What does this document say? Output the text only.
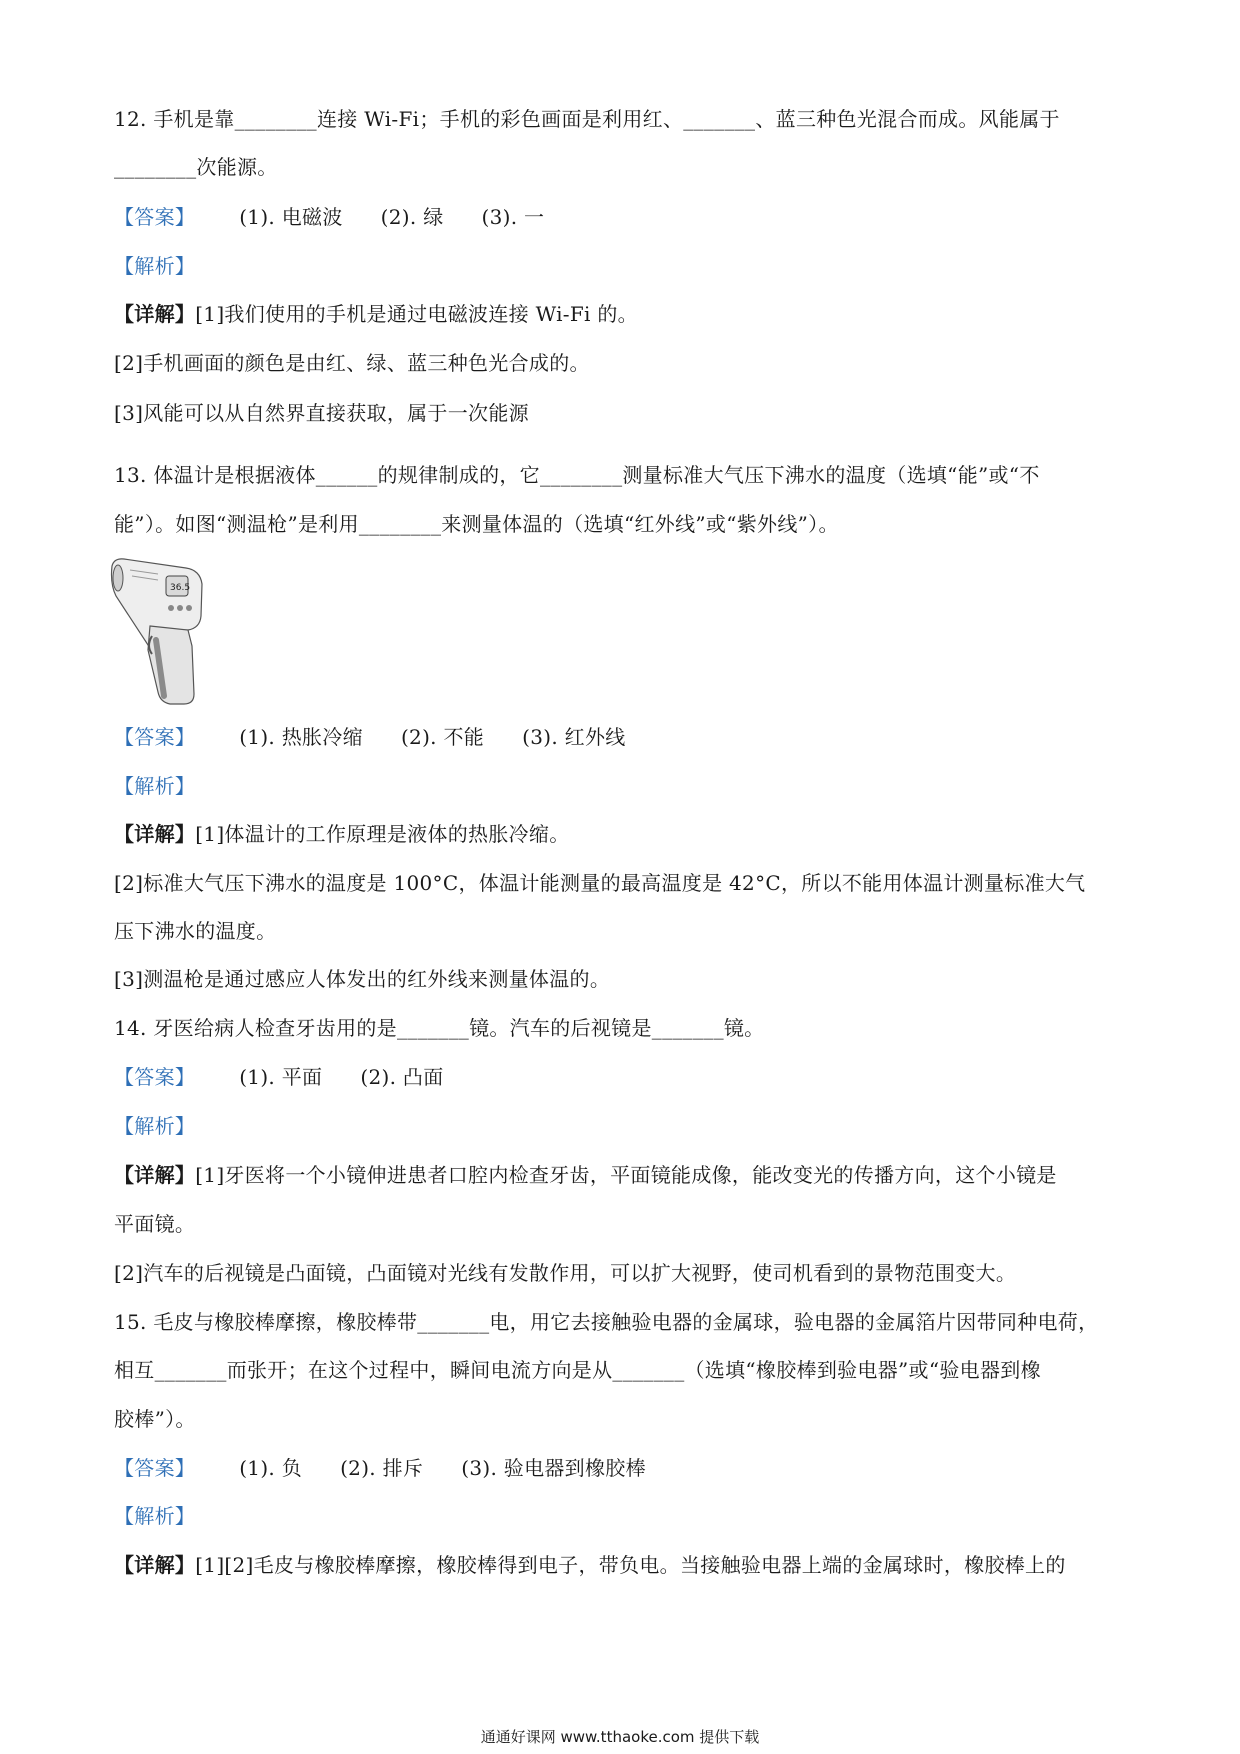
12. 手机是靠________连接 Wi-Fi；手机的彩色画面是利用红、_______、蓝三种色光混合而成。风能属于
________次能源。
【答案】 (1). 电磁波 (2). 绿 (3). 一
【解析】
【详解】[1]我们使用的手机是通过电磁波连接 Wi-Fi 的。
[2]手机画面的颜色是由红、绿、蓝三种色光合成的。
[3]风能可以从自然界直接获取，属于一次能源
13. 体温计是根据液体______的规律制成的，它________测量标准大气压下沸水的温度（选填“能”或“不
能”）。如图“测温枪”是利用________来测量体温的（选填“红外线”或“紫外线”）。
36.5
【答案】 (1). 热胀冷缩 (2). 不能 (3). 红外线
【解析】
【详解】[1]体温计的工作原理是液体的热胀冷缩。
[2]标准大气压下沸水的温度是 100°C，体温计能测量的最高温度是 42°C，所以不能用体温计测量标准大气
压下沸水的温度。
[3]测温枪是通过感应人体发出的红外线来测量体温的。
14. 牙医给病人检查牙齿用的是_______镜。汽车的后视镜是_______镜。
【答案】 (1). 平面 (2). 凸面
【解析】
【详解】[1]牙医将一个小镜伸进患者口腔内检查牙齿，平面镜能成像，能改变光的传播方向，这个小镜是
平面镜。
[2]汽车的后视镜是凸面镜，凸面镜对光线有发散作用，可以扩大视野，使司机看到的景物范围变大。
15. 毛皮与橡胶棒摩擦，橡胶棒带_______电，用它去接触验电器的金属球，验电器的金属箔片因带同种电荷，
相互_______而张开；在这个过程中，瞬间电流方向是从_______（选填“橡胶棒到验电器”或“验电器到橡
胶棒”）。
【答案】 (1). 负 (2). 排斥 (3). 验电器到橡胶棒
【解析】
【详解】[1][2]毛皮与橡胶棒摩擦，橡胶棒得到电子，带负电。当接触验电器上端的金属球时，橡胶棒上的
通通好课网 www.tthaoke.com 提供下载
